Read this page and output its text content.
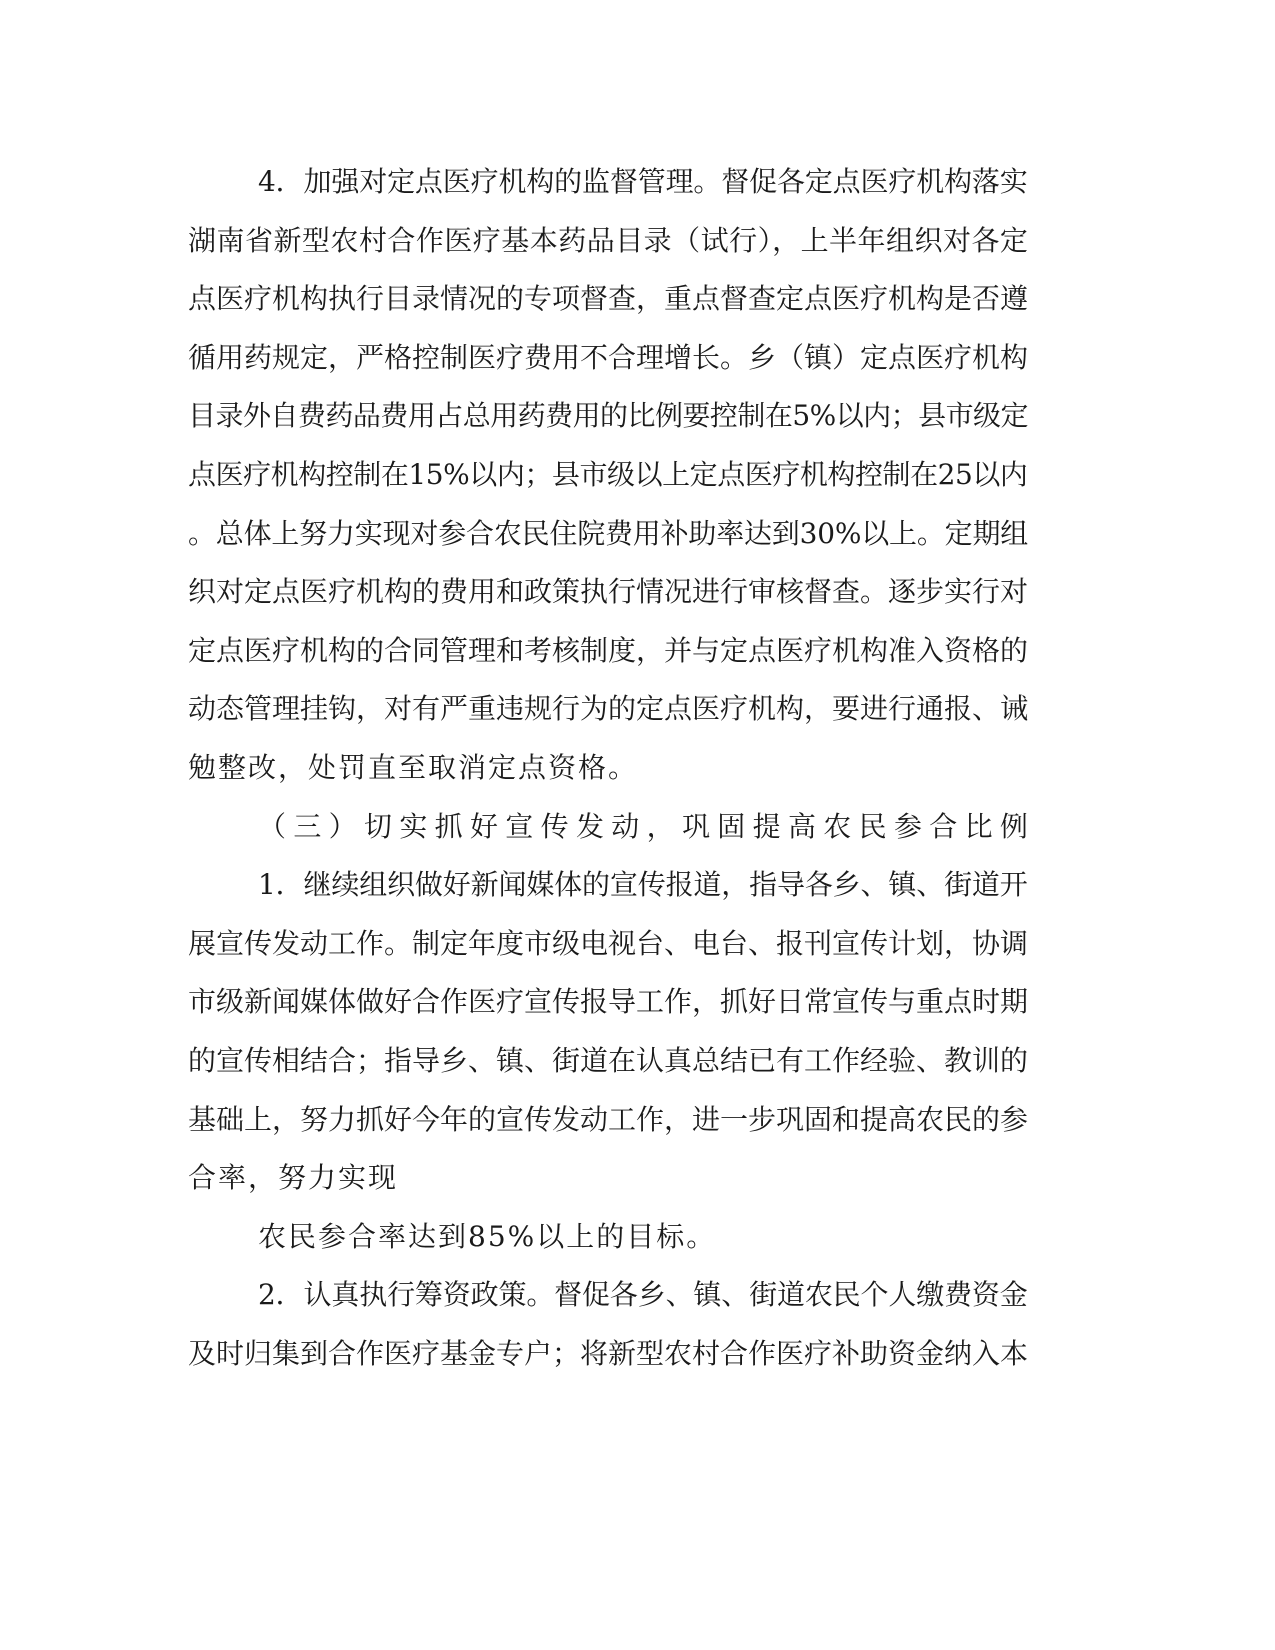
4．加强对定点医疗机构的监督管理。督促各定点医疗机构落实
湖南省新型农村合作医疗基本药品目录（试行），上半年组织对各定
点医疗机构执行目录情况的专项督查，重点督查定点医疗机构是否遵
循用药规定，严格控制医疗费用不合理增长。乡（镇）定点医疗机构
目录外自费药品费用占总用药费用的比例要控制在5%以内；县市级定
点医疗机构控制在15%以内；县市级以上定点医疗机构控制在25以内
。总体上努力实现对参合农民住院费用补助率达到30%以上。定期组
织对定点医疗机构的费用和政策执行情况进行审核督查。逐步实行对
定点医疗机构的合同管理和考核制度，并与定点医疗机构准入资格的
动态管理挂钩，对有严重违规行为的定点医疗机构，要进行通报、诫
勉整改，处罚直至取消定点资格。
（三）切实抓好宣传发动，巩固提高农民参合比例
1．继续组织做好新闻媒体的宣传报道，指导各乡、镇、街道开
展宣传发动工作。制定年度市级电视台、电台、报刊宣传计划，协调
市级新闻媒体做好合作医疗宣传报导工作，抓好日常宣传与重点时期
的宣传相结合；指导乡、镇、街道在认真总结已有工作经验、教训的
基础上，努力抓好今年的宣传发动工作，进一步巩固和提高农民的参
合率，努力实现
农民参合率达到85%以上的目标。
2．认真执行筹资政策。督促各乡、镇、街道农民个人缴费资金
及时归集到合作医疗基金专户；将新型农村合作医疗补助资金纳入本
